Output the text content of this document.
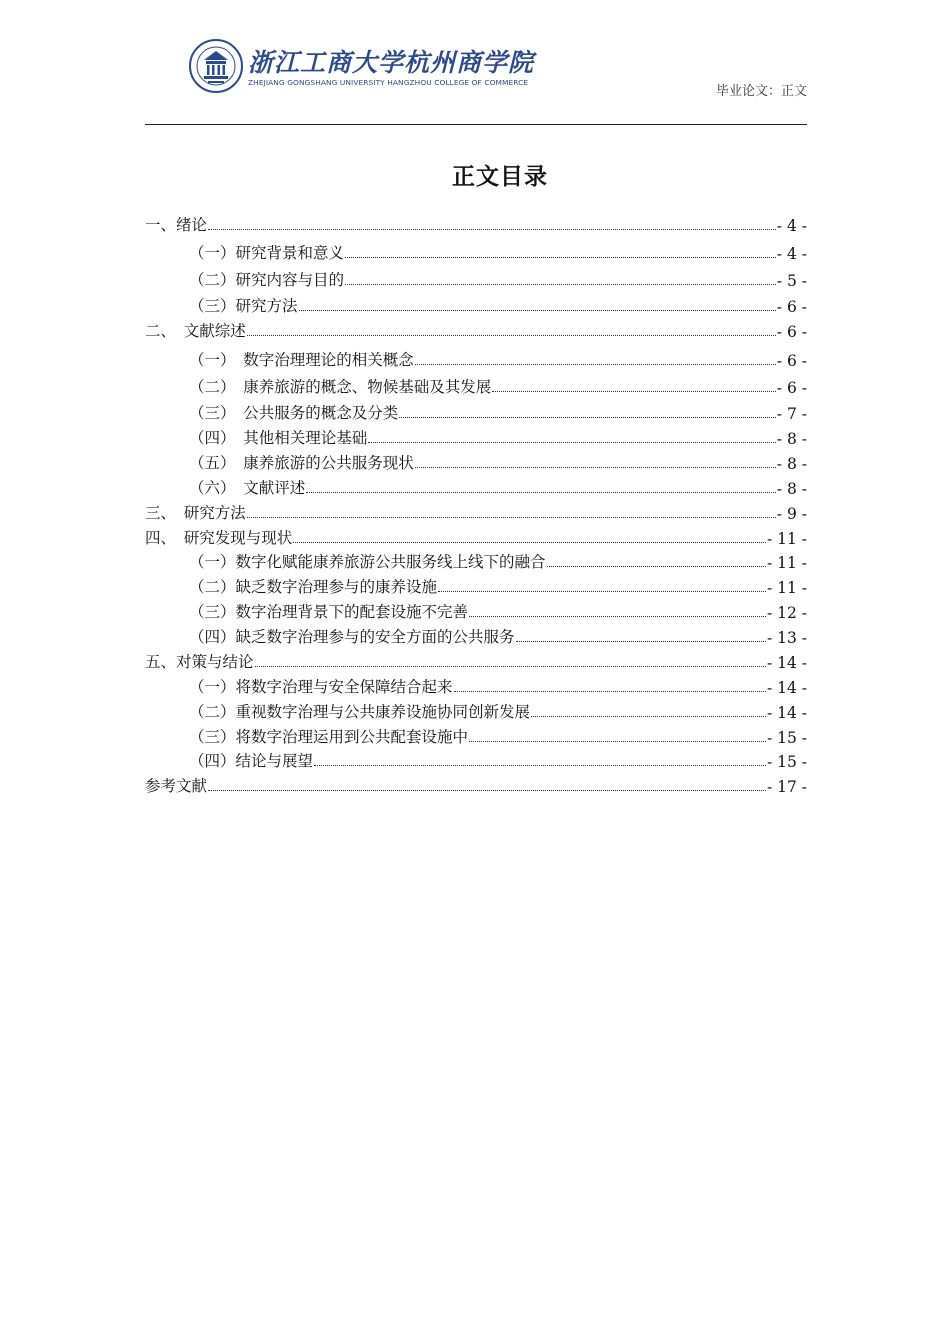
浙江工商大学杭州商学院
ZHEJIANG GONGSHANG UNIVERSITY HANGZHOU COLLEGE OF COMMERCE
毕业论文：正文
正文目录
一、绪论	- 4 -
（一）研究背景和意义	- 4 -
（二）研究内容与目的	- 5 -
（三）研究方法	- 6 -
二、　文献综述	- 6 -
（一）　数字治理理论的相关概念	- 6 -
（二）　康养旅游的概念、物候基础及其发展	- 6 -
（三）　公共服务的概念及分类	- 7 -
（四）　其他相关理论基础	- 8 -
（五）　康养旅游的公共服务现状	- 8 -
（六）　文献评述	- 8 -
三、　研究方法	- 9 -
四、　研究发现与现状	- 11 -
（一）数字化赋能康养旅游公共服务线上线下的融合	- 11 -
（二）缺乏数字治理参与的康养设施	- 11 -
（三）数字治理背景下的配套设施不完善	- 12 -
（四）缺乏数字治理参与的安全方面的公共服务	- 13 -
五、对策与结论	- 14 -
（一）将数字治理与安全保障结合起来	- 14 -
（二）重视数字治理与公共康养设施协同创新发展	- 14 -
（三）将数字治理运用到公共配套设施中	- 15 -
（四）结论与展望	- 15 -
参考文献	- 17 -
